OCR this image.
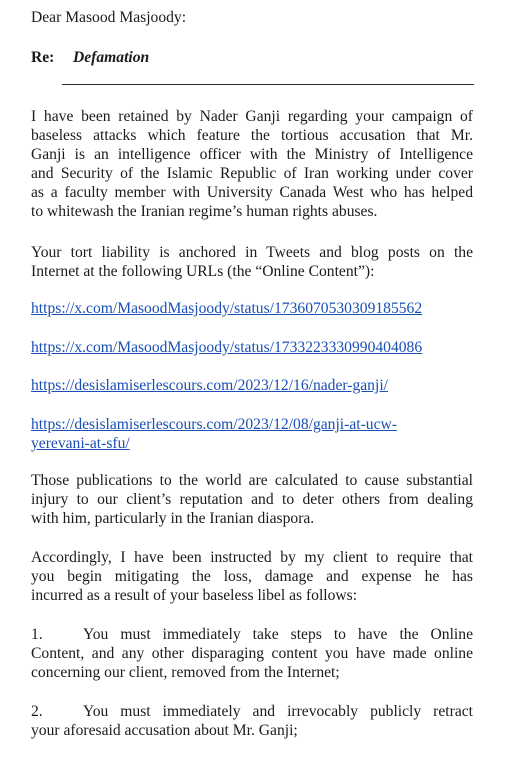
Dear Masood Masjoody:
Re: Defamation
I have been retained by Nader Ganji regarding your campaign of
baseless attacks which feature the tortious accusation that Mr.
Ganji is an intelligence officer with the Ministry of Intelligence
and Security of the Islamic Republic of Iran working under cover
as a faculty member with University Canada West who has helped
to whitewash the Iranian regime’s human rights abuses.
Your tort liability is anchored in Tweets and blog posts on the
Internet at the following URLs (the “Online Content”):
https://x.com/MasoodMasjoody/status/1736070530309185562
https://x.com/MasoodMasjoody/status/1733223330990404086
https://desislamiserlescours.com/2023/12/16/nader-ganji/
https://desislamiserlescours.com/2023/12/08/ganji-at-ucw-
yerevani-at-sfu/
Those publications to the world are calculated to cause substantial
injury to our client’s reputation and to deter others from dealing
with him, particularly in the Iranian diaspora.
Accordingly, I have been instructed by my client to require that
you begin mitigating the loss, damage and expense he has
incurred as a result of your baseless libel as follows:
1.	You must immediately take steps to have the Online
Content, and any other disparaging content you have made online
concerning our client, removed from the Internet;
2.	You must immediately and irrevocably publicly retract
your aforesaid accusation about Mr. Ganji;
